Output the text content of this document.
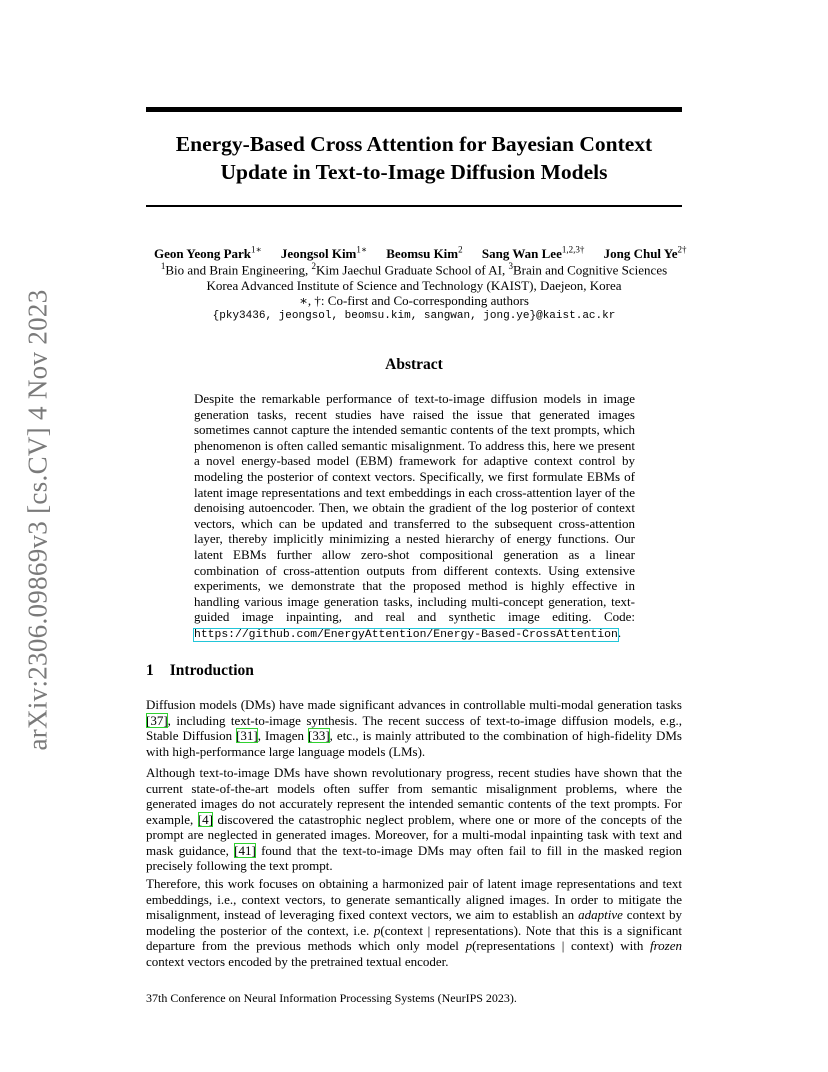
arXiv:2306.09869v3 [cs.CV] 4 Nov 2023
Energy-Based Cross Attention for Bayesian Context
Update in Text-to-Image Diffusion Models
Geon Yeong Park$^{1∗}$ Jeongsol Kim$^{1∗}$ Beomsu Kim$^2$ Sang Wan Lee$^{1,2,3\dagger}$ Jong Chul $Ye^{2\dagger}$
$^1$Bio and Brain Engineering, $^2$Kim Jaechul Graduate School of AI, $^3$Brain and Cognitive Sciences
Korea Advanced Institute of Science and Technology (KAIST), Daejeon, Korea
∗, †: Co-first and Co-corresponding authors
{pky3436, jeongsol, beomsu.kim, sangwan, jong.ye}@kaist.ac.kr
Abstract
Despite the remarkable performance of text-to-image diffusion models in image generation tasks, recent studies have raised the issue that generated images sometimes cannot capture the intended semantic contents of the text prompts, which phenomenon is often called semantic misalignment. To address this, here we present a novel energy-based model (EBM) framework for adaptive context control by modeling the posterior of context vectors. Specifically, we first formulate EBMs of latent image representations and text embeddings in each cross-attention layer of the denoising autoencoder. Then, we obtain the gradient of the log posterior of context vectors, which can be updated and transferred to the subsequent cross-attention layer, thereby implicitly minimizing a nested hierarchy of energy functions. Our latent EBMs further allow zero-shot compositional generation as a linear combination of cross-attention outputs from different contexts. Using extensive experiments, we demonstrate that the proposed method is highly effective in handling various image generation tasks, including multi-concept generation, text-guided image inpainting, and real and synthetic image editing. Code: https://github.com/EnergyAttention/Energy-Based-CrossAttention.
1 Introduction
Diffusion models (DMs) have made significant advances in controllable multi-modal generation tasks [37], including text-to-image synthesis. The recent success of text-to-image diffusion models, e.g., Stable Diffusion [31], Imagen [33], etc., is mainly attributed to the combination of high-fidelity DMs with high-performance large language models (LMs).
Although text-to-image DMs have shown revolutionary progress, recent studies have shown that the current state-of-the-art models often suffer from semantic misalignment problems, where the generated images do not accurately represent the intended semantic contents of the text prompts. For example, [4] discovered the catastrophic neglect problem, where one or more of the concepts of the prompt are neglected in generated images. Moreover, for a multi-modal inpainting task with text and mask guidance, [41] found that the text-to-image DMs may often fail to fill in the masked region precisely following the text prompt.
Therefore, this work focuses on obtaining a harmonized pair of latent image representations and text embeddings, i.e., context vectors, to generate semantically aligned images. In order to mitigate the misalignment, instead of leveraging fixed context vectors, we aim to establish an adaptive context by modeling the posterior of the context, i.e. p(context | representations). Note that this is a significant departure from the previous methods which only model p(representations | context) with frozen context vectors encoded by the pretrained textual encoder.
37th Conference on Neural Information Processing Systems (NeurIPS 2023).
